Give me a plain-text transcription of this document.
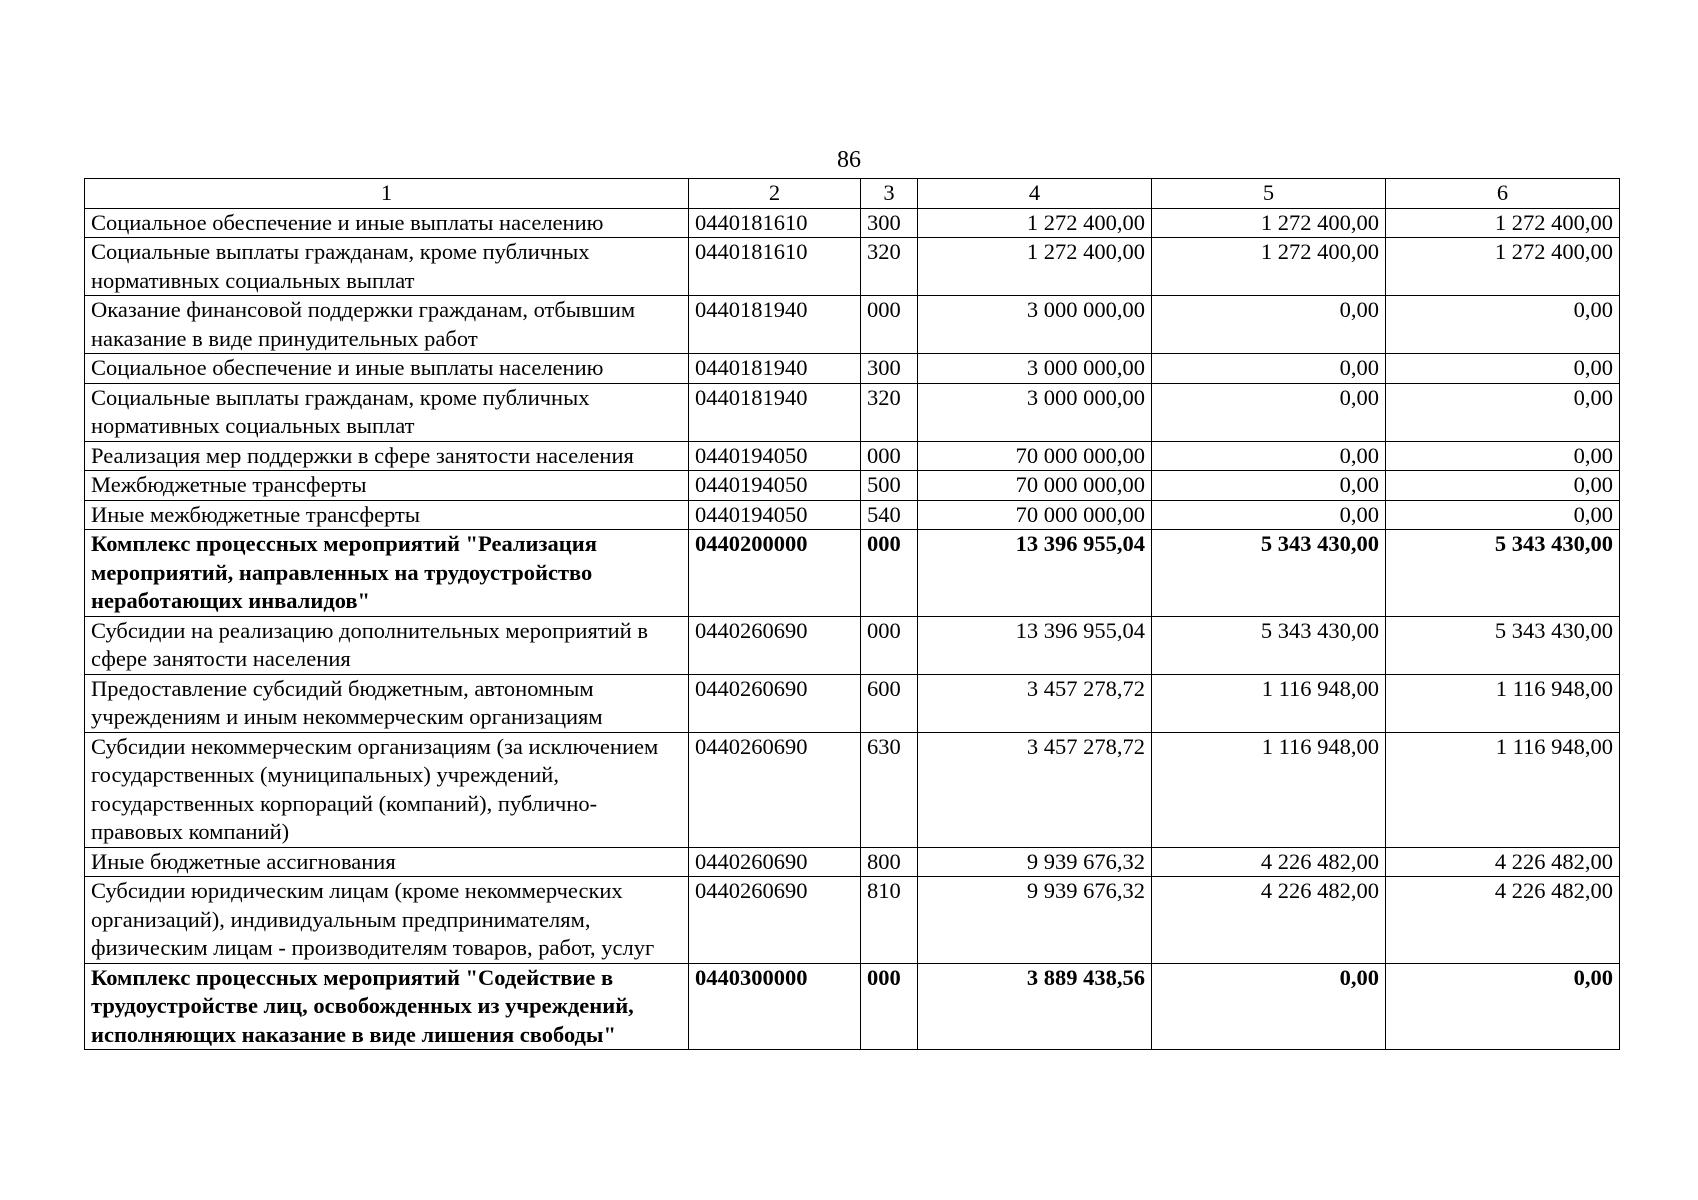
86
1	2	3	4	5	6
Социальное обеспечение и иные выплаты населению	0440181610	300	1 272 400,00	1 272 400,00	1 272 400,00
Социальные выплаты гражданам, кроме публичных нормативных социальных выплат	0440181610	320	1 272 400,00	1 272 400,00	1 272 400,00
Оказание финансовой поддержки гражданам, отбывшим наказание в виде принудительных работ	0440181940	000	3 000 000,00	0,00	0,00
Социальное обеспечение и иные выплаты населению	0440181940	300	3 000 000,00	0,00	0,00
Социальные выплаты гражданам, кроме публичных нормативных социальных выплат	0440181940	320	3 000 000,00	0,00	0,00
Реализация мер поддержки в сфере занятости населения	0440194050	000	70 000 000,00	0,00	0,00
Межбюджетные трансферты	0440194050	500	70 000 000,00	0,00	0,00
Иные межбюджетные трансферты	0440194050	540	70 000 000,00	0,00	0,00
Комплекс процессных мероприятий "Реализация мероприятий, направленных на трудоустройство неработающих инвалидов"	0440200000	000	13 396 955,04	5 343 430,00	5 343 430,00
Субсидии на реализацию дополнительных мероприятий в сфере занятости населения	0440260690	000	13 396 955,04	5 343 430,00	5 343 430,00
Предоставление субсидий бюджетным, автономным учреждениям и иным некоммерческим организациям	0440260690	600	3 457 278,72	1 116 948,00	1 116 948,00
Субсидии некоммерческим организациям (за исключением государственных (муниципальных) учреждений, государственных корпораций (компаний), публично-правовых компаний)	0440260690	630	3 457 278,72	1 116 948,00	1 116 948,00
Иные бюджетные ассигнования	0440260690	800	9 939 676,32	4 226 482,00	4 226 482,00
Субсидии юридическим лицам (кроме некоммерческих организаций), индивидуальным предпринимателям, физическим лицам - производителям товаров, работ, услуг	0440260690	810	9 939 676,32	4 226 482,00	4 226 482,00
Комплекс процессных мероприятий "Содействие в трудоустройстве лиц, освобожденных из учреждений, исполняющих наказание в виде лишения свободы"	0440300000	000	3 889 438,56	0,00	0,00
